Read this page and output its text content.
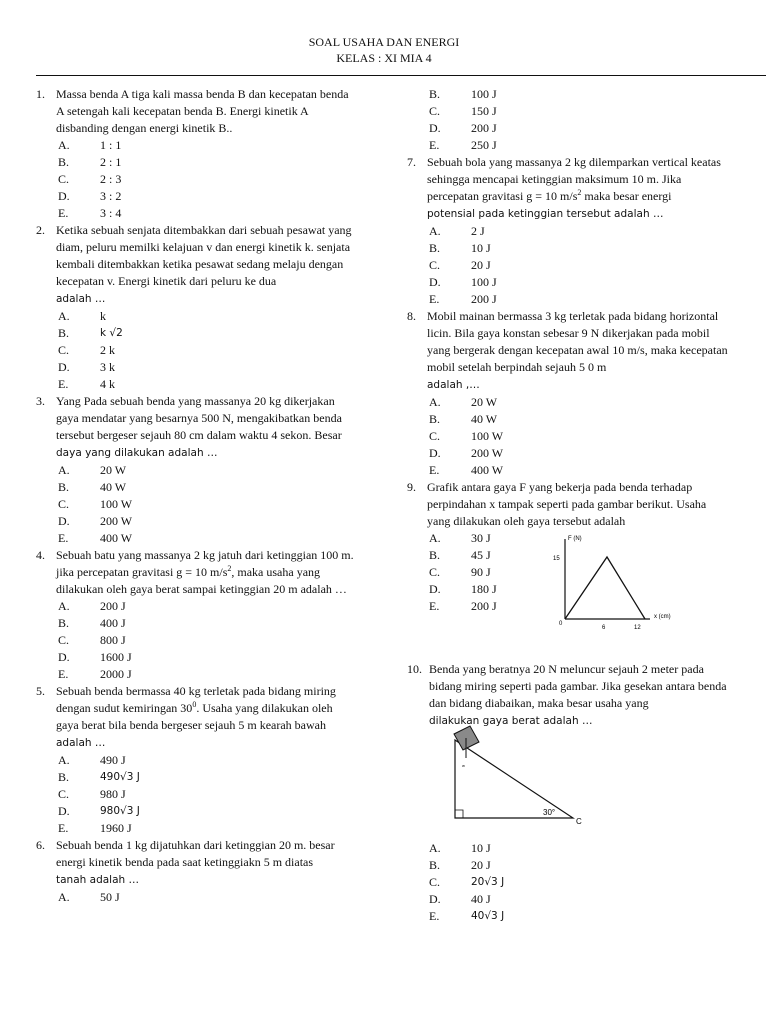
SOAL USAHA DAN ENERGI
KELAS : XI MIA 4
1. Massa benda A tiga kali massa benda B dan kecepatan benda A setengah kali kecepatan benda B. Energi kinetik A disbanding dengan energi kinetik B..
A.	1 : 1
B.	2 : 1
C.	2 : 3
D.	3 : 2
E.	3 : 4
2. Ketika sebuah senjata ditembakkan dari sebuah pesawat yang diam, peluru memilki kelajuan v dan energi kinetik k. senjata kembali ditembakkan ketika pesawat sedang melaju dengan kecepatan v. Energi kinetik dari peluru ke dua
adalah …
A.	k
B.	k √2
C.	2 k
D.	3 k
E.	4 k
3. Yang Pada sebuah benda yang massanya 20 kg dikerjakan gaya mendatar yang besarnya 500 N, mengakibatkan benda tersebut bergeser sejauh 80 cm dalam waktu 4 sekon. Besar
daya yang dilakukan adalah …
A.	20 W
B.	40 W
C.	100 W
D.	200 W
E.	400 W
4. Sebuah batu yang massanya 2 kg jatuh dari ketinggian 100 m. jika percepatan gravitasi g = 10 $m/s^2$, maka usaha yang dilakukan oleh gaya berat sampai ketinggian 20 m adalah …
A.	200 J
B.	400 J
C.	800 J
D.	1600 J
E.	2000 J
5. Sebuah benda bermassa 40 kg terletak pada bidang miring dengan sudut kemiringan $30^0$. Usaha yang dilakukan oleh gaya berat bila benda bergeser sejauh 5 m kearah bawah
adalah …
A.	490 J
B.	490√3 J
C.	980 J
D.	980√3 J
E.	1960 J
6. Sebuah benda 1 kg dijatuhkan dari ketinggian 20 m. besar energi kinetik benda pada saat ketinggiakn 5 m diatas
tanah adalah …
A.	50 J
B.	100 J
C.	150 J
D.	200 J
E.	250 J
7. Sebuah bola yang massanya 2 kg dilemparkan vertical keatas sehingga mencapai ketinggian maksimum 10 m. Jika percepatan gravitasi g = 10 $m/s^2$ maka besar energi
potensial pada ketinggian tersebut adalah …
A.	2 J
B.	10 J
C.	20 J
D.	100 J
E.	200 J
8. Mobil mainan bermassa 3 kg terletak pada bidang horizontal licin. Bila gaya konstan sebesar 9 N dikerjakan pada mobil yang bergerak dengan kecepatan awal 10 m/s, maka kecepatan mobil setelah berpindah sejauh 5 0 m
adalah ,…
A.	20 W
B.	40 W
C.	100 W
D.	200 W
E.	400 W
9. Grafik antara gaya F yang bekerja pada benda terhadap perpindahan x tampak seperti pada gambar berikut. Usaha yang dilakukan oleh gaya tersebut adalah
A.	30 J
B.	45 J
C.	90 J
D.	180 J
E.	200 J
10. Benda yang beratnya 20 N meluncur sejauh 2 meter pada bidang miring seperti pada gambar. Jika gesekan antara benda dan bidang diabaikan, maka besar usaha yang
dilakukan gaya berat adalah …
A.	10 J
B.	20 J
C.	20√3 J
D.	40 J
E.	40√3 J
F (N)
x (cm)
15
0
6	12
w
30°
C
